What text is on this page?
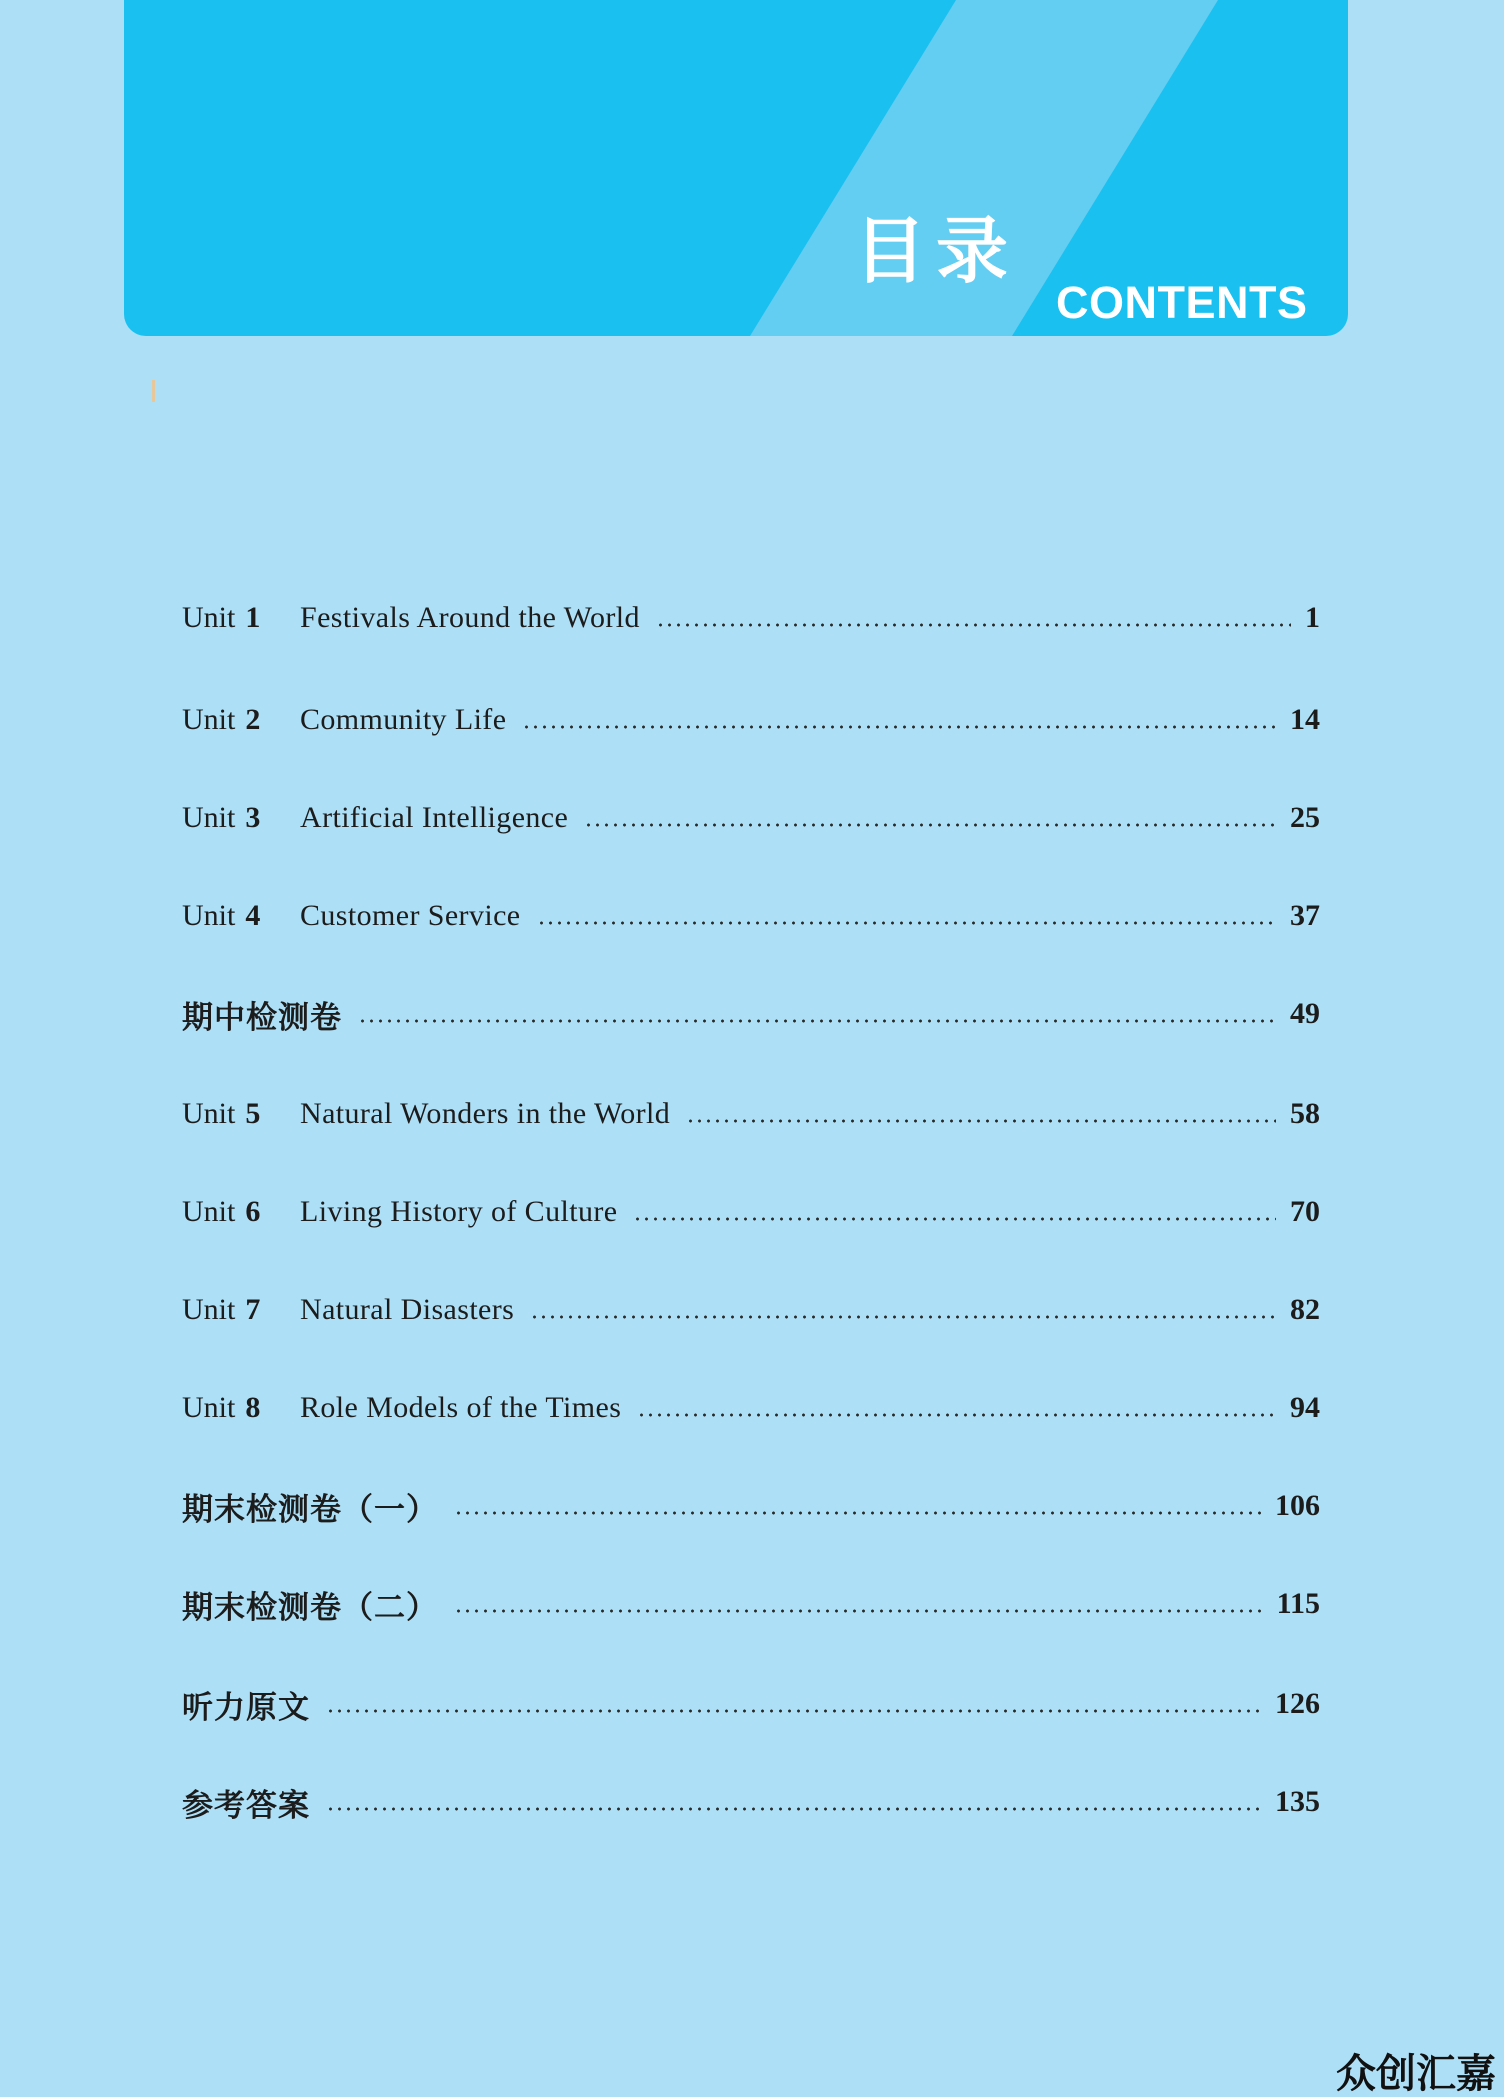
目录
CONTENTS
Unit 1 Festivals Around the World	1
Unit 2 Community Life	14
Unit 3 Artificial Intelligence	25
Unit 4 Customer Service	37
期中检测卷	49
Unit 5 Natural Wonders in the World	58
Unit 6 Living History of Culture	70
Unit 7 Natural Disasters	82
Unit 8 Role Models of the Times	94
期末检测卷（一）	106
期末检测卷（二）	115
听力原文	126
参考答案	135
众创汇嘉
